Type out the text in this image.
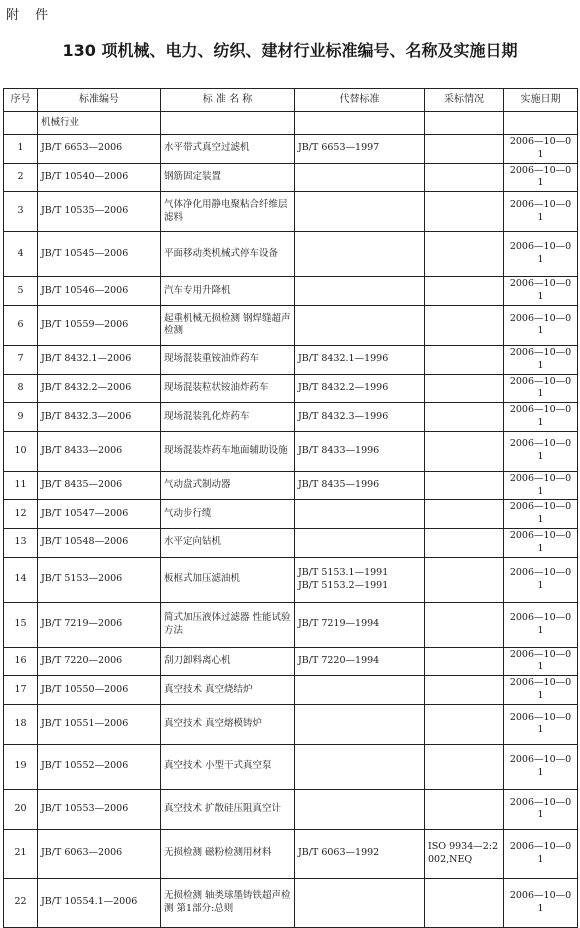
附 件
130 项机械、电力、纺织、建材行业标准编号、名称及实施日期
序号	标准编号	标 准 名 称	代替标准	采标情况	实施日期
	机械行业				
1	JB/T 6653—2006	水平带式真空过滤机	JB/T 6653—1997		2006—10—01
2	JB/T 10540—2006	钢筋固定装置			2006—10—01
3	JB/T 10535—2006	气体净化用静电聚粘合纤维层滤料			2006—10—01
4	JB/T 10545—2006	平面移动类机械式停车设备			2006—10—01
5	JB/T 10546—2006	汽车专用升降机			2006—10—01
6	JB/T 10559—2006	起重机械无损检测 钢焊缝超声检测			2006—10—01
7	JB/T 8432.1—2006	现场混装重铵油炸药车	JB/T 8432.1—1996		2006—10—01
8	JB/T 8432.2—2006	现场混装粒状铵油炸药车	JB/T 8432.2—1996		2006—10—01
9	JB/T 8432.3—2006	现场混装乳化炸药车	JB/T 8432.3—1996		2006—10—01
10	JB/T 8433—2006	现场混装炸药车地面辅助设施	JB/T 8433—1996		2006—10—01
11	JB/T 8435—2006	气动盘式制动器	JB/T 8435—1996		2006—10—01
12	JB/T 10547—2006	气动步行缆			2006—10—01
13	JB/T 10548—2006	水平定向钻机			2006—10—01
14	JB/T 5153—2006	板框式加压滤油机	JB/T 5153.1—1991
JB/T 5153.2—1991		2006—10—01
15	JB/T 7219—2006	简式加压液体过滤器 性能试验方法	JB/T 7219—1994		2006—10—01
16	JB/T 7220—2006	刮刀卸料离心机	JB/T 7220—1994		2006—10—01
17	JB/T 10550—2006	真空技术 真空烧结炉			2006—10—01
18	JB/T 10551—2006	真空技术 真空熔模铸炉			2006—10—01
19	JB/T 10552—2006	真空技术 小型干式真空泵			2006—10—01
20	JB/T 10553—2006	真空技术 扩散硅压阻真空计			2006—10—01
21	JB/T 6063—2006	无损检测 磁粉检测用材料	JB/T 6063—1992	ISO 9934—2:2002,NEQ	2006—10—01
22	JB/T 10554.1—2006	无损检测 轴类球墨铸铁超声检测 第1部分:总则			2006—10—01
